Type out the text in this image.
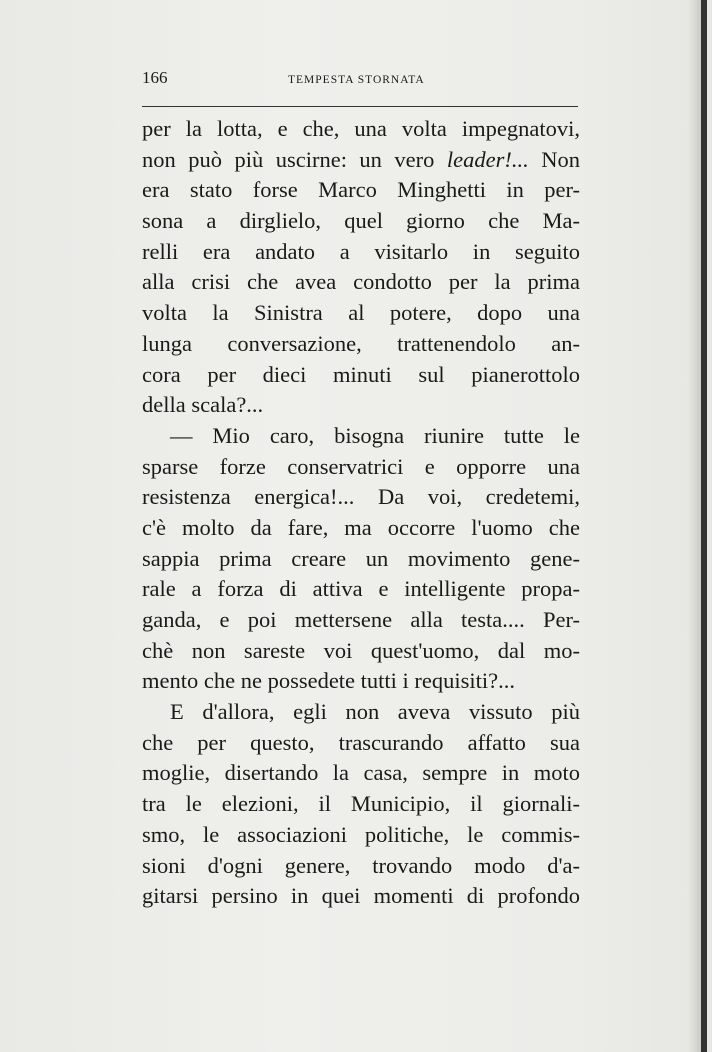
166	TEMPESTA STORNATA
per la lotta, e che, una volta impegnatovi,
non può più uscirne: un vero leader!... Non
era stato forse Marco Minghetti in per-
sona a dirglielo, quel giorno che Ma-
relli era andato a visitarlo in seguito
alla crisi che avea condotto per la prima
volta la Sinistra al potere, dopo una
lunga conversazione, trattenendolo an-
cora per dieci minuti sul pianerottolo
della scala?...
— Mio caro, bisogna riunire tutte le
sparse forze conservatrici e opporre una
resistenza energica!... Da voi, credetemi,
c'è molto da fare, ma occorre l'uomo che
sappia prima creare un movimento gene-
rale a forza di attiva e intelligente propa-
ganda, e poi mettersene alla testa.... Per-
chè non sareste voi quest'uomo, dal mo-
mento che ne possedete tutti i requisiti?...
E d'allora, egli non aveva vissuto più
che per questo, trascurando affatto sua
moglie, disertando la casa, sempre in moto
tra le elezioni, il Municipio, il giornali-
smo, le associazioni politiche, le commis-
sioni d'ogni genere, trovando modo d'a-
gitarsi persino in quei momenti di profondo
